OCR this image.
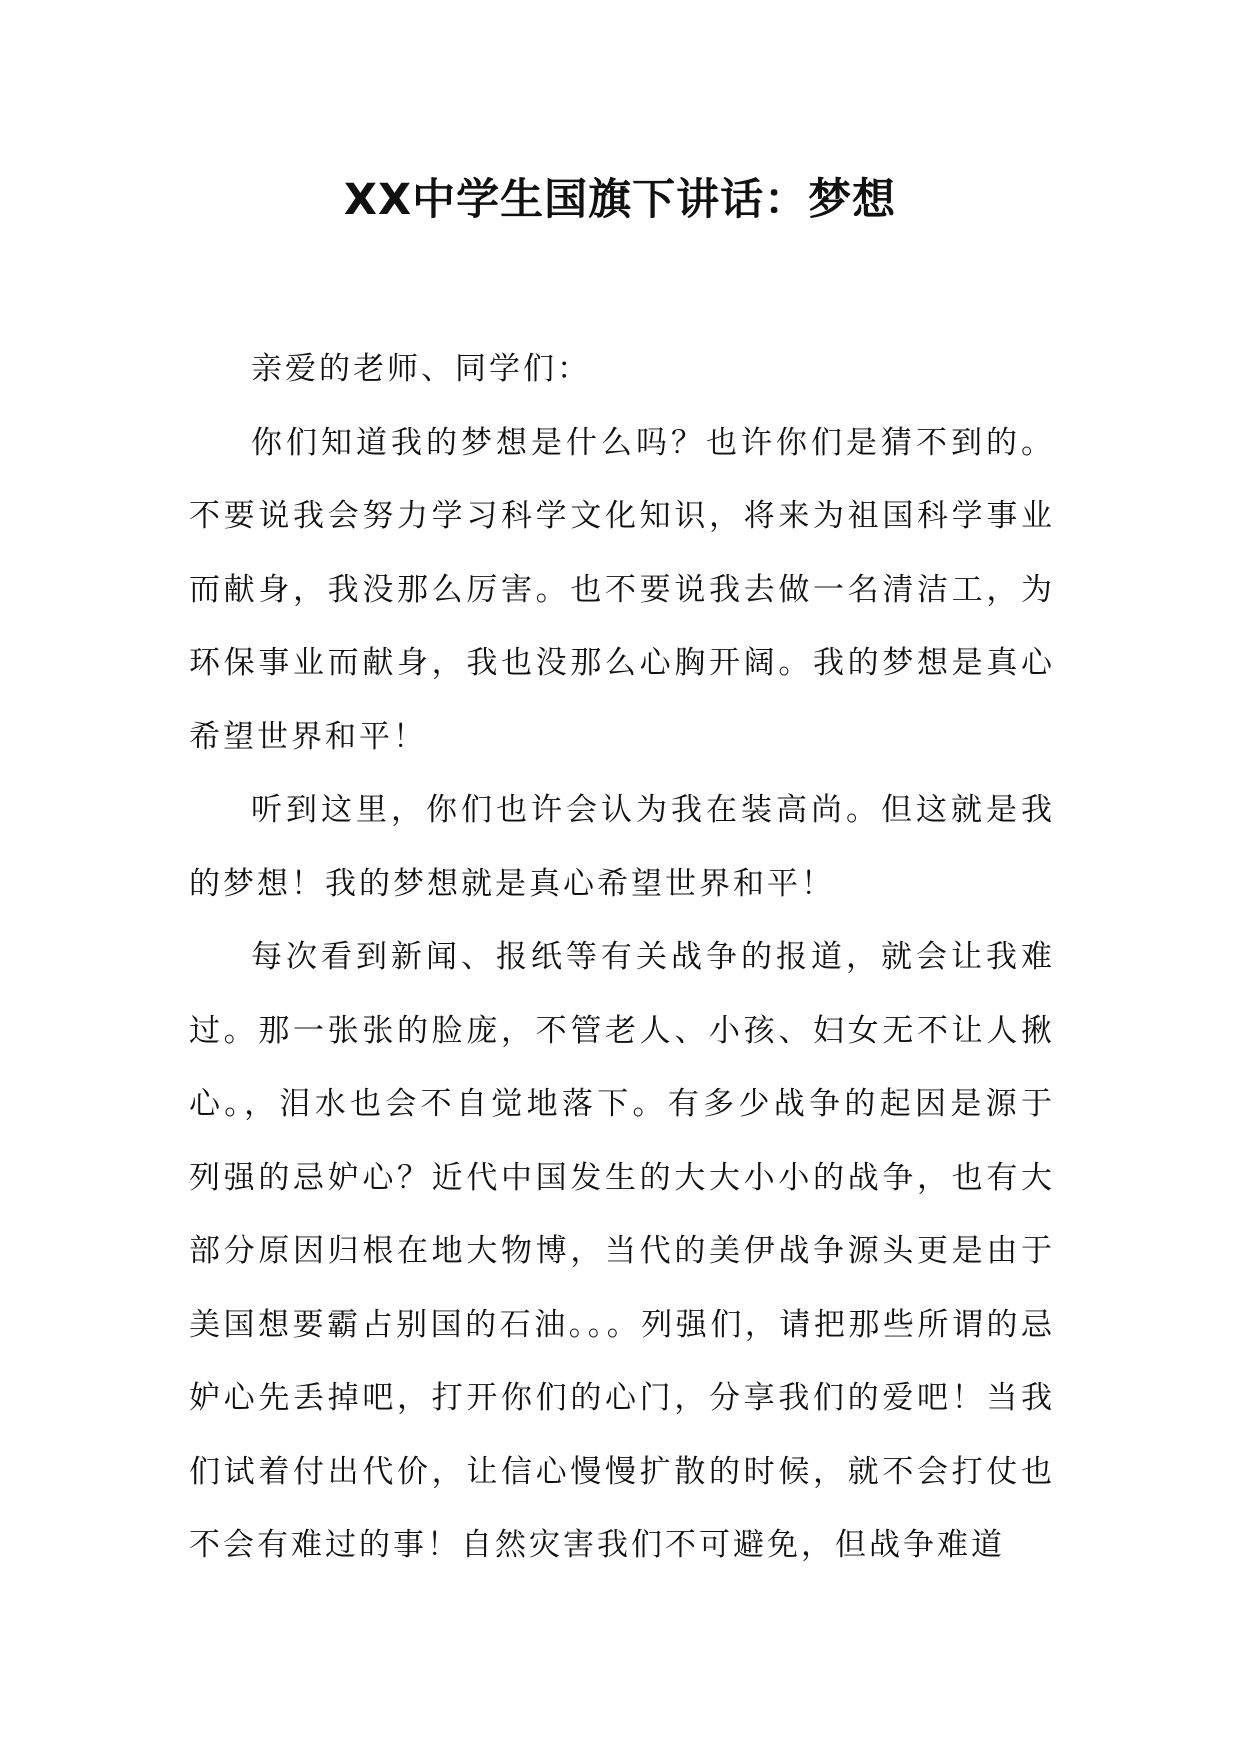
XX中学生国旗下讲话：梦想

亲爱的老师、同学们：

你们知道我的梦想是什么吗？也许你们是猜不到的。不要说我会努力学习科学文化知识，将来为祖国科学事业而献身，我没那么厉害。也不要说我去做一名清洁工，为环保事业而献身，我也没那么心胸开阔。我的梦想是真心希望世界和平！

听到这里，你们也许会认为我在装高尚。但这就是我的梦想！我的梦想就是真心希望世界和平！

每次看到新闻、报纸等有关战争的报道，就会让我难过。那一张张的脸庞，不管老人、小孩、妇女无不让人揪心。，泪水也会不自觉地落下。有多少战争的起因是源于列强的忌妒心？近代中国发生的大大小小的战争，也有大部分原因归根在地大物博，当代的美伊战争源头更是由于美国想要霸占别国的石油。。。列强们，请把那些所谓的忌妒心先丢掉吧，打开你们的心门，分享我们的爱吧！当我们试着付出代价，让信心慢慢扩散的时候，就不会打仗也不会有难过的事！自然灾害我们不可避免，但战争难道
